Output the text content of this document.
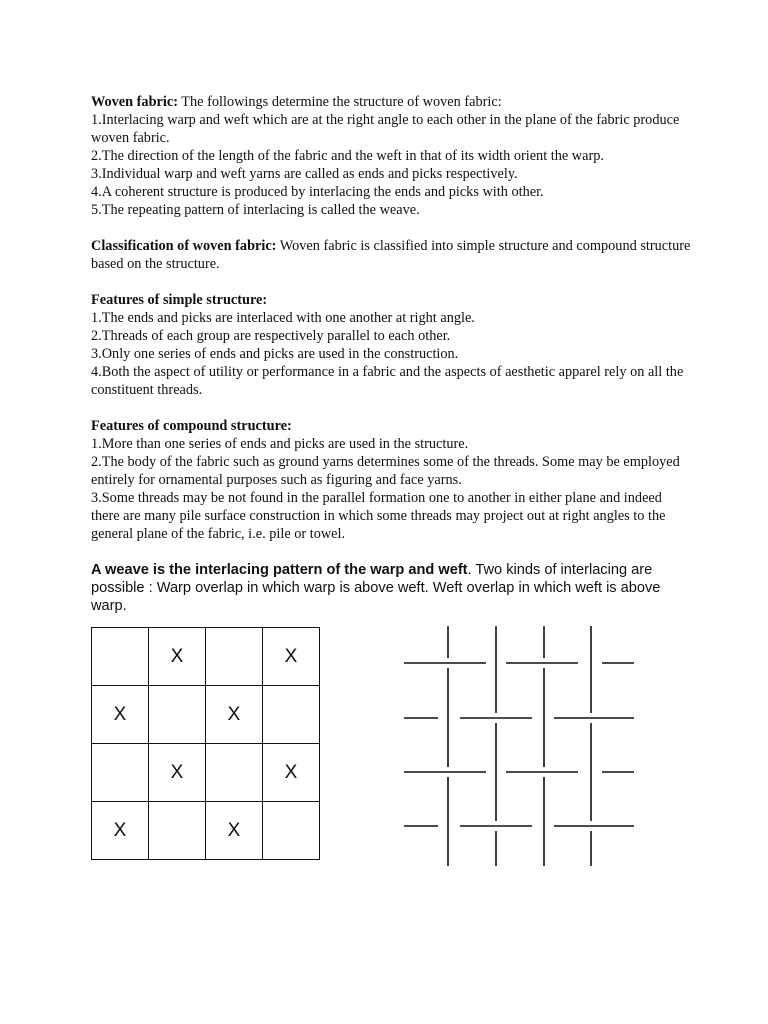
Woven fabric: The followings determine the structure of woven fabric:

1.Interlacing warp and weft which are at the right angle to each other in the plane of the fabric produce woven fabric.

2.The direction of the length of the fabric and the weft in that of its width orient the warp.

3.Individual warp and weft yarns are called as ends and picks respectively.

4.A coherent structure is produced by interlacing the ends and picks with other.

5.The repeating pattern of interlacing is called the weave.

Classification of woven fabric: Woven fabric is classified into simple structure and compound structure based on the structure.

Features of simple structure:

1.The ends and picks are interlaced with one another at right angle.

2.Threads of each group are respectively parallel to each other.

3.Only one series of ends and picks are used in the construction.

4.Both the aspect of utility or performance in a fabric and the aspects of aesthetic apparel rely on all the constituent threads.

Features of compound structure:

1.More than one series of ends and picks are used in the structure.

2.The body of the fabric such as ground yarns determines some of the threads. Some may be employed entirely for ornamental purposes such as figuring and face yarns.

3.Some threads may be not found in the parallel formation one to another in either plane and indeed there are many pile surface construction in which some threads may project out at right angles to the general plane of the fabric, i.e. pile or towel.

A weave is the interlacing pattern of the warp and weft. Two kinds of interlacing are possible : Warp overlap in which warp is above weft. Weft overlap in which weft is above warp.

	X		X
X		X	
	X		X
X		X	
